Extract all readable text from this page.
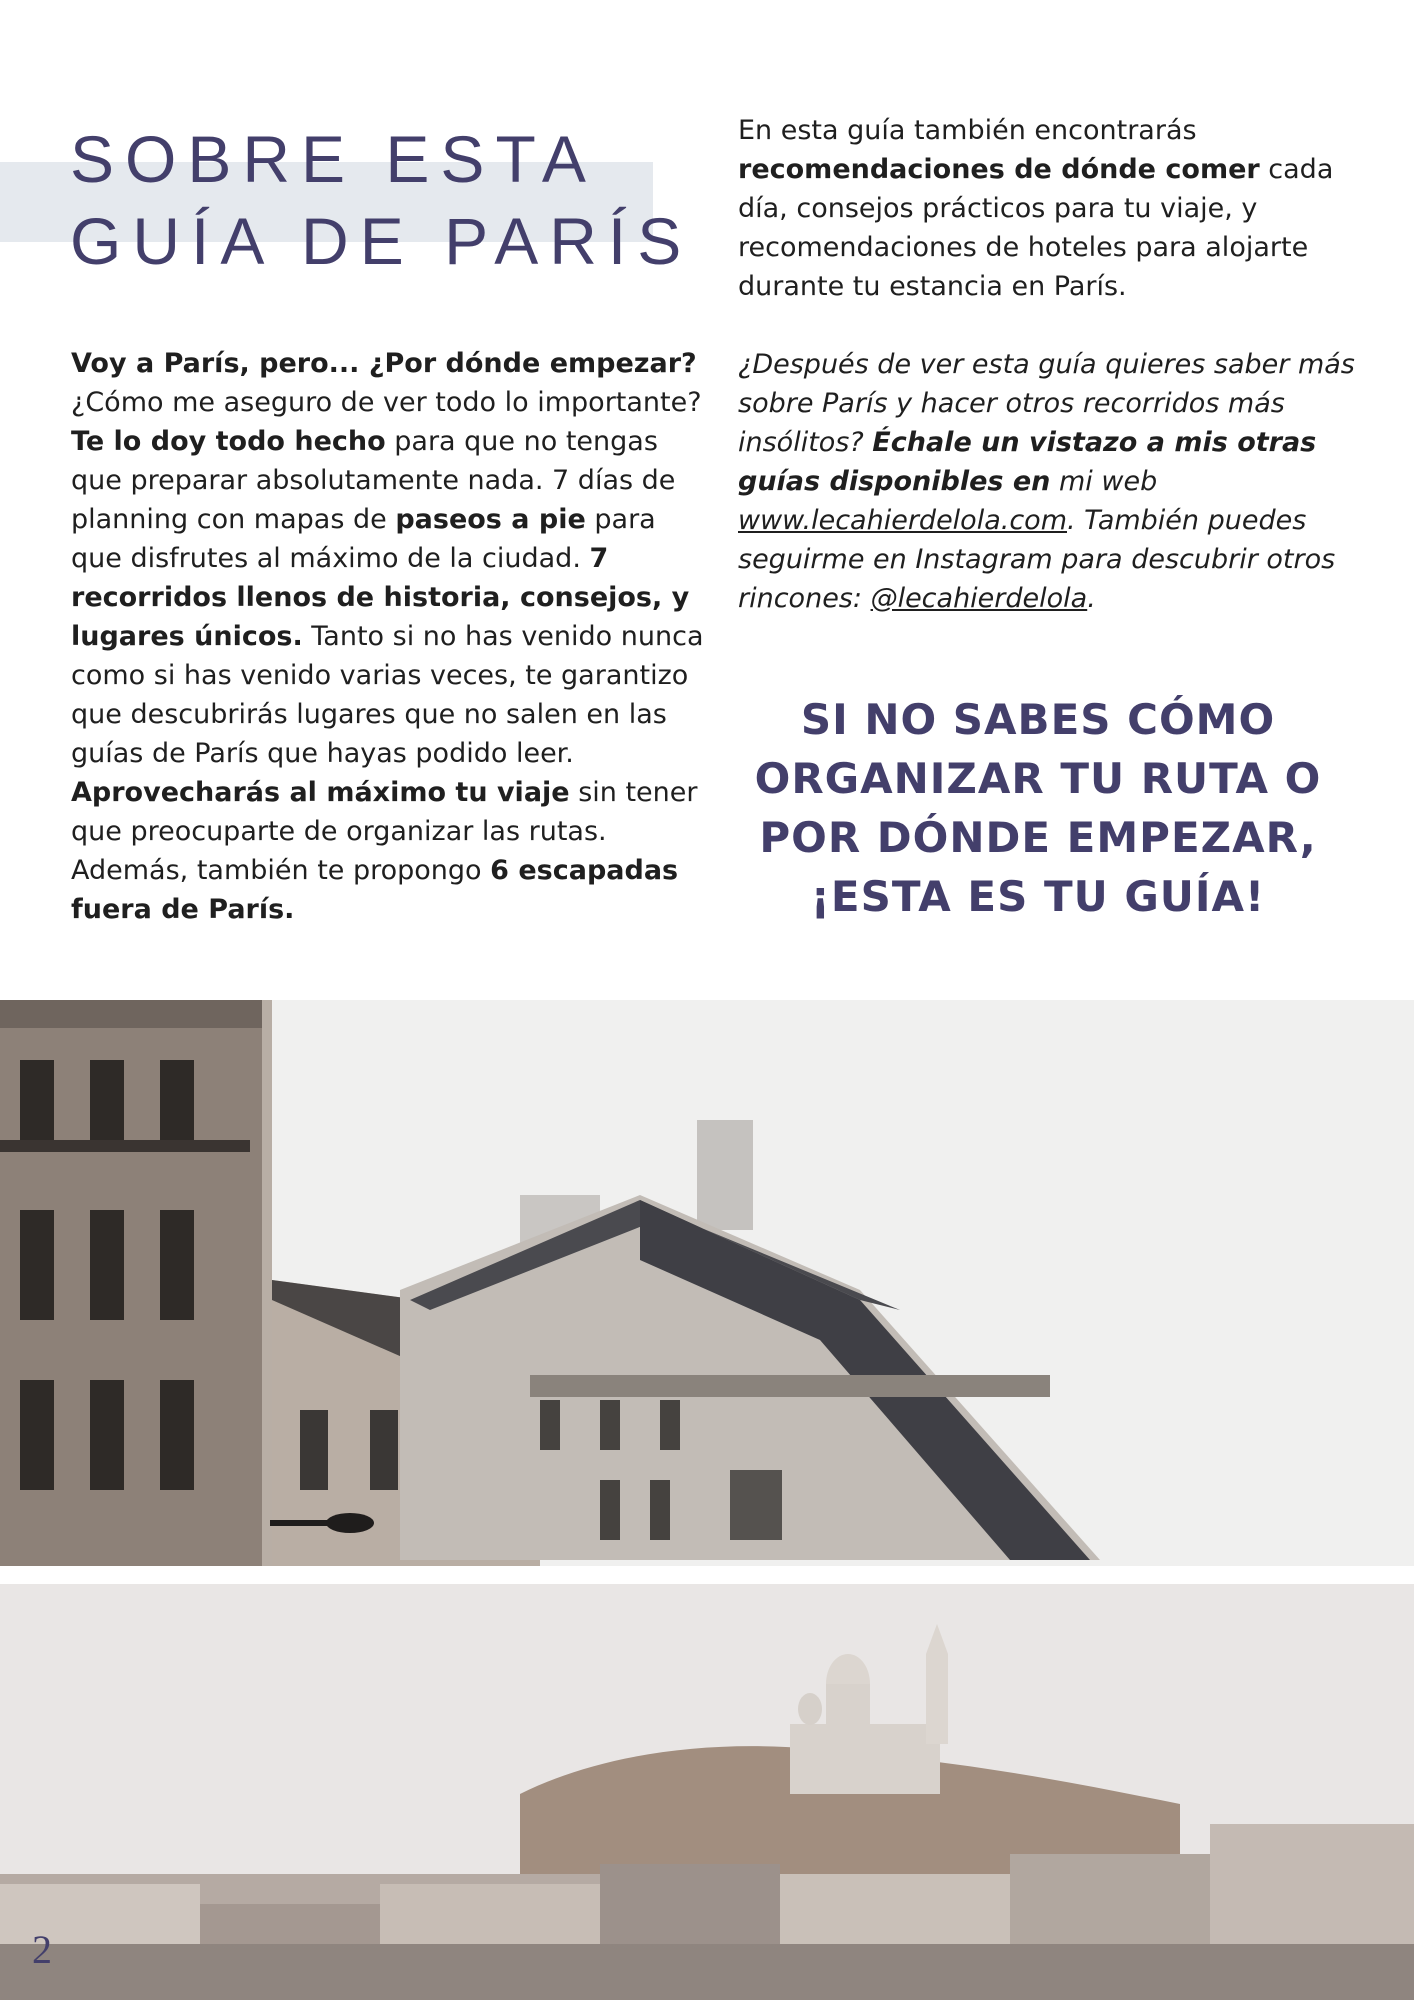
SOBRE ESTA
GUÍA DE PARÍS

Voy a París, pero... ¿Por dónde empezar? ¿Cómo me aseguro de ver todo lo importante? Te lo doy todo hecho para que no tengas que preparar absolutamente nada. 7 días de planning con mapas de paseos a pie para que disfrutes al máximo de la ciudad. 7 recorridos llenos de historia, consejos, y lugares únicos. Tanto si no has venido nunca como si has venido varias veces, te garantizo que descubrirás lugares que no salen en las guías de París que hayas podido leer. Aprovecharás al máximo tu viaje sin tener que preocuparte de organizar las rutas. Además, también te propongo 6 escapadas fuera de París.

En esta guía también encontrarás recomendaciones de dónde comer cada día, consejos prácticos para tu viaje, y recomendaciones de hoteles para alojarte durante tu estancia en París.

¿Después de ver esta guía quieres saber más sobre París y hacer otros recorridos más insólitos? Échale un vistazo a mis otras guías disponibles en mi web www.lecahierdelola.com. También puedes seguirme en Instagram para descubrir otros rincones: @lecahierdelola.

SI NO SABES CÓMO
ORGANIZAR TU RUTA O
POR DÓNDE EMPEZAR,
¡ESTA ES TU GUÍA!
2
